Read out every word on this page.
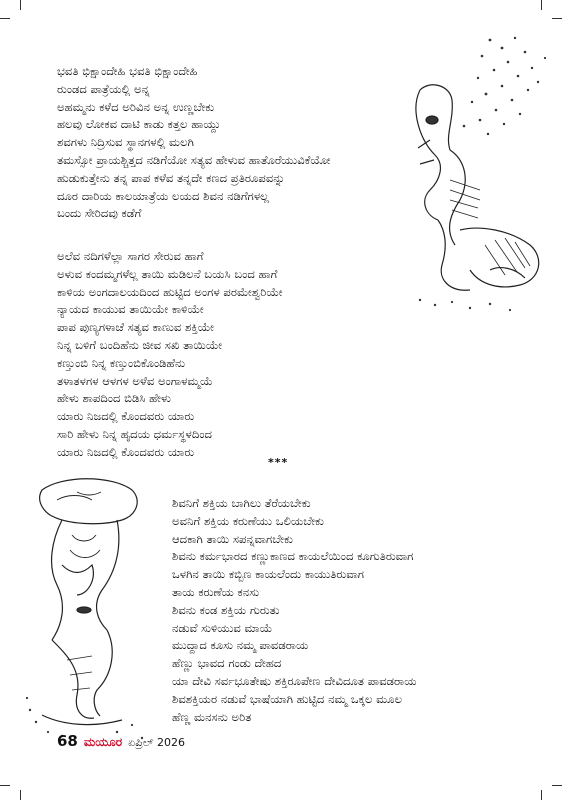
ಭವತಿ ಭಿಕ್ಷಾಂದೇಹಿ ಭವತಿ ಭಿಕ್ಷಾಂದೇಹಿ
ರುಂಡದ ಪಾತ್ರೆಯಲ್ಲಿ ಅನ್ನ
ಅಹಮ್ಮನು ಕಳೆದ ಅರಿವಿನ ಅನ್ನ ಉಣ್ಣಬೇಕು
ಹಲವು ಲೋಕವ ದಾಟಿ ಕಾಡು ಕತ್ತಲ ಹಾಯ್ದು
ಶವಗಳು ನಿದ್ರಿಸುವ ಸ್ಥಾನಗಳಲ್ಲಿ ಮಲಗಿ
ತಮಸ್ಸೋ ಪ್ರಾಯಶ್ಚಿತ್ತದ ನಡಿಗೆಯೋ ಸತ್ಯವ ಹೇಳುವ ಹಾತೊರೆಯುವಿಕೆಯೋ
ಹುಡುಕುತ್ತೇನು ತನ್ನ ಪಾಪ ಕಳೆವ ತನ್ನದೇ ಕಣದ ಪ್ರತಿರೂಪವನ್ನು
ದೂರ ದಾರಿಯ ಕಾಲಯಾತ್ರೆಯ ಲಯದ ಶಿವನ ನಡಿಗೆಗಳಲ್ಲ
ಬಂದು ಸೇರಿದವು ಕಡೆಗೆ
ಅಲೆವ ನದಿಗಳೆಲ್ಲಾ ಸಾಗರ ಸೇರುವ ಹಾಗೆ
ಅಳುವ ಕಂದಮ್ಮಗಳೆಲ್ಲ ತಾಯಿ ಮಡಿಲನೆ ಬಯಸಿ ಬಂದ ಹಾಗೆ
ಕಾಳಿಯ ಅಂಗದಾಲಯದಿಂದ ಹುಟ್ಟಿದ ಅಂಗಳ ಪರಮೇಶ್ವರಿಯೇ
ನ್ಯಾಯದ ಕಾಯುವ ತಾಯಿಯೇ ಕಾಳಿಯೇ
ಪಾಪ ಪುಣ್ಯಗಳಾಚೆ ಸತ್ಯವ ಕಾಣುವ ಶಕ್ತಿಯೇ
ನಿನ್ನ ಬಳಿಗೆ ಬಂದಿಹೆನು ಜೀವ ಸಖಿ ತಾಯಿಯೇ
ಕಣ್ತುಂಬಿ ನಿನ್ನ ಕಣ್ತುಂಬಿಕೊಂಡಿಹೆನು
ತಳಾತಳಗಳ ಆಳಗಳ ಅಳೆವ ಅಂಗಾಳಮ್ಮಯೆ
ಹೇಳು ಶಾಪದಿಂದ ಬಿಡಿಸಿ ಹೇಳು
ಯಾರು ನಿಜದಲ್ಲಿ ಕೊಂದವರು ಯಾರು
ಸಾರಿ ಹೇಳು ನಿನ್ನ ಹೃದಯ ಧರ್ಮಸ್ಥಳದಿಂದ
ಯಾರು ನಿಜದಲ್ಲಿ ಕೊಂದವರು ಯಾರು
***
ಶಿವನಿಗೆ ಶಕ್ತಿಯ ಬಾಗಿಲು ತೆರೆಯಬೇಕು
ಅವನಿಗೆ ಶಕ್ತಿಯ ಕರುಣೆಯು ಒಲಿಯಬೇಕು
ಆದಕಾಗಿ ತಾಯಿ ಸಪನ್ನವಾಗಬೇಕು
ಶಿವನು ಕರ್ಮಭಾರದ ಕಣ್ಣುಕಾಣದ ಕಾಯಲೆಯಿಂದ ಕೂಗುತಿರುವಾಗ
ಒಳಗಿನ ತಾಯಿ ಕಬ್ಬಿಣ ಕಾಯಲೆಂದು ಕಾಯುತಿರುವಾಗ
ತಾಯ ಕರುಣೆಯ ಕನಸು
ಶಿವನು ಕಂಡ ಶಕ್ತಿಯ ಗುರುತು
ನಡುವೆ ಸುಳಿಯುವ ಮಾಯೆ
ಮುದ್ದಾದ ಕೂಸು ನಮ್ಮ ಪಾವಡರಾಯ
ಹೆಣ್ಣು ಭಾವದ ಗಂಡು ದೇಹದ
ಯಾ ದೇವಿ ಸರ್ವಭೂತೇಷು ಶಕ್ತಿರೂಪೇಣ ದೇವಿದೂತ ಪಾವಡರಾಯ
ಶಿವಶಕ್ತಿಯರ ನಡುವೆ ಭಾಷೆಯಾಗಿ ಹುಟ್ಟಿದ ನಮ್ಮ ಒಕ್ಕಲ ಮೂಲ
ಹೆಣ್ಣ ಮನಸನು ಅರಿತ
68 ಮಯೂರ ಏಪ್ರಿಲ್ 2026
